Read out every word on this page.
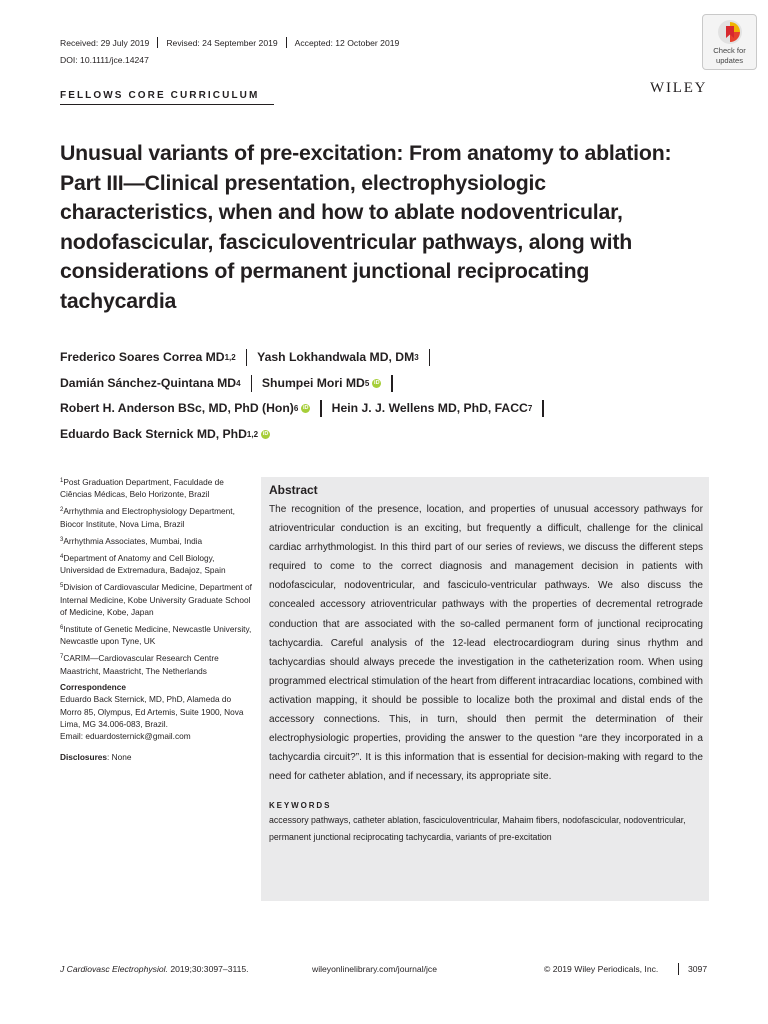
Received: 29 July 2019 Revised: 24 September 2019 Accepted: 12 October 2019
DOI: 10.1111/jce.14247
Check for
updates
FELLOWS CORE CURRICULUM	WILEY
Unusual variants of pre-excitation: From anatomy to ablation:
Part III—Clinical presentation, electrophysiologic
characteristics, when and how to ablate nodoventricular,
nodofascicular, fasciculoventricular pathways, along with
considerations of permanent junctional reciprocating
tachycardia
Frederico Soares Correa MD 1,2 Yash Lokhandwala MD, DM 3
Damián Sánchez-Quintana MD 4 Shumpei Mori MD 5 iD
Robert H. Anderson BSc, MD, PhD (Hon) 6 iD Hein J. J. Wellens MD, PhD, FACC 7
Eduardo Back Sternick MD, PhD 1,2 iD

$^1$Post Graduation Department, Faculdade de Ciências Médicas, Belo Horizonte, Brazil

$^2$Arrhythmia and Electrophysiology Department, Biocor Institute, Nova Lima, Brazil

$^3$Arrhythmia Associates, Mumbai, India

$^4$Department of Anatomy and Cell Biology, Universidad de Extremadura, Badajoz, Spain

$^5$Division of Cardiovascular Medicine, Department of Internal Medicine, Kobe University Graduate School of Medicine, Kobe, Japan

$^6$Institute of Genetic Medicine, Newcastle University, Newcastle upon Tyne, UK

$^7$CARIM—Cardiovascular Research Centre Maastricht, Maastricht, The Netherlands

Correspondence

Eduardo Back Sternick, MD, PhD, Alameda do Morro 85, Olympus, Ed Artemis, Suite 1900, Nova Lima, MG 34.006-083, Brazil.

Email: eduardosternick@gmail.com

Disclosures: None

Abstract
The recognition of the presence, location, and properties of unusual accessory pathways for atrioventricular conduction is an exciting, but frequently a difficult, challenge for the clinical cardiac arrhythmologist. In this third part of our series of reviews, we discuss the different steps required to come to the correct diagnosis and management decision in patients with nodofascicular, nodoventricular, and fasciculo-ventricular pathways. We also discuss the concealed accessory atrioventricular pathways with the properties of decremental retrograde conduction that are associated with the so-called permanent form of junctional reciprocating tachycardia. Careful analysis of the 12-lead electrocardiogram during sinus rhythm and tachycardias should always precede the investigation in the catheterization room. When using programmed electrical stimulation of the heart from different intracardiac locations, combined with activation mapping, it should be possible to localize both the proximal and distal ends of the accessory connections. This, in turn, should then permit the determination of their electrophysiologic properties, providing the answer to the question “are they incorporated in a tachycardia circuit?”. It is this information that is essential for decision-making with regard to the need for catheter ablation, and if necessary, its appropriate site.
KEYWORDS
accessory pathways, catheter ablation, fasciculoventricular, Mahaim fibers, nodofascicular, nodoventricular, permanent junctional reciprocating tachycardia, variants of pre-excitation
J Cardiovasc Electrophysiol. 2019;30:3097–3115.	wileyonlinelibrary.com/journal/jce	© 2019 Wiley Periodicals, Inc.	3097
